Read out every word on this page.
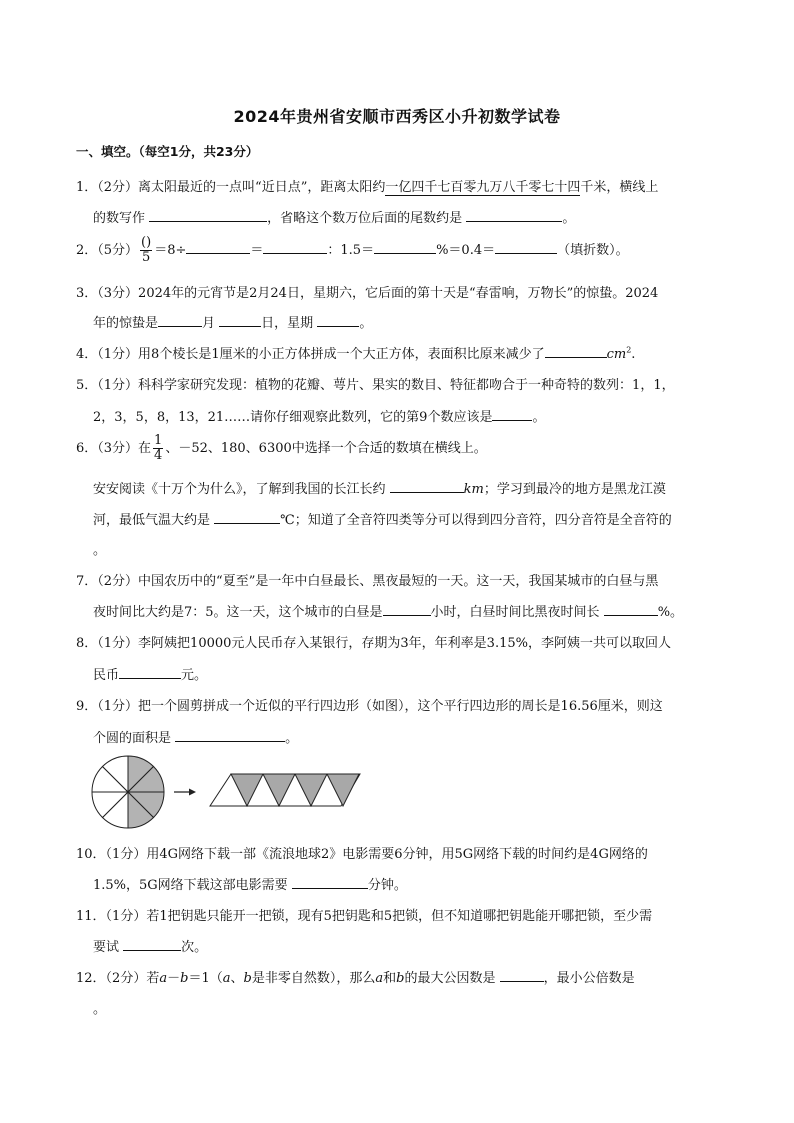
2024年贵州省安顺市西秀区小升初数学试卷
一、填空。（每空1分，共23分）
1．（2分）离太阳最近的一点叫“近日点”，距离太阳约一亿四千七百零九万八千零七十四千米，横线上
的数写作	，省略这个数万位后面的尾数约是	。
2．（5分） $\frac{()}{5} =8\div$	＝	：1.5＝	%＝0.4＝	（填折数）。
3．（3分）2024年的元宵节是2月24日，星期六，它后面的第十天是“春雷响，万物长”的惊蛰。2024
年的惊蛰是	月	日，星期	。
4．（1分）用8个棱长是1厘米的小正方体拼成一个大正方体，表面积比原来减少了	$cm^2$.
5．（1分）科科学家研究发现：植物的花瓣、萼片、果实的数目、特征都吻合于一种奇特的数列：1，1，
2，3，5，8，13，21……请你仔细观察此数列，它的第9个数应该是	。
6．（3分）在 $\frac{1}{4}$ 、－52、180、6300中选择一个合适的数填在横线上。
安安阅读《十万个为什么》，了解到我国的长江长约	km；学习到最冷的地方是黑龙江漠
河，最低气温大约是	℃；知道了全音符四类等分可以得到四分音符，四分音符是全音符的
。
7．（2分）中国农历中的“夏至”是一年中白昼最长、黑夜最短的一天。这一天，我国某城市的白昼与黑
夜时间比大约是7：5。这一天，这个城市的白昼是	小时，白昼时间比黑夜时间长	%。
8．（1分）李阿姨把10000元人民币存入某银行，存期为3年，年利率是3.15%，李阿姨一共可以取回人
民币	元。
9．（1分）把一个圆剪拼成一个近似的平行四边形（如图），这个平行四边形的周长是16.56厘米，则这
个圆的面积是	。
10．（1分）用4G网络下载一部《流浪地球2》电影需要6分钟，用5G网络下载的时间约是4G网络的
1.5%，5G网络下载这部电影需要	分钟。
11．（1分）若1把钥匙只能开一把锁，现有5把钥匙和5把锁，但不知道哪把钥匙能开哪把锁，至少需
要试	次。
12．（2分）若a－b＝1（a、b是非零自然数），那么a和b的最大公因数是	，最小公倍数是
。
